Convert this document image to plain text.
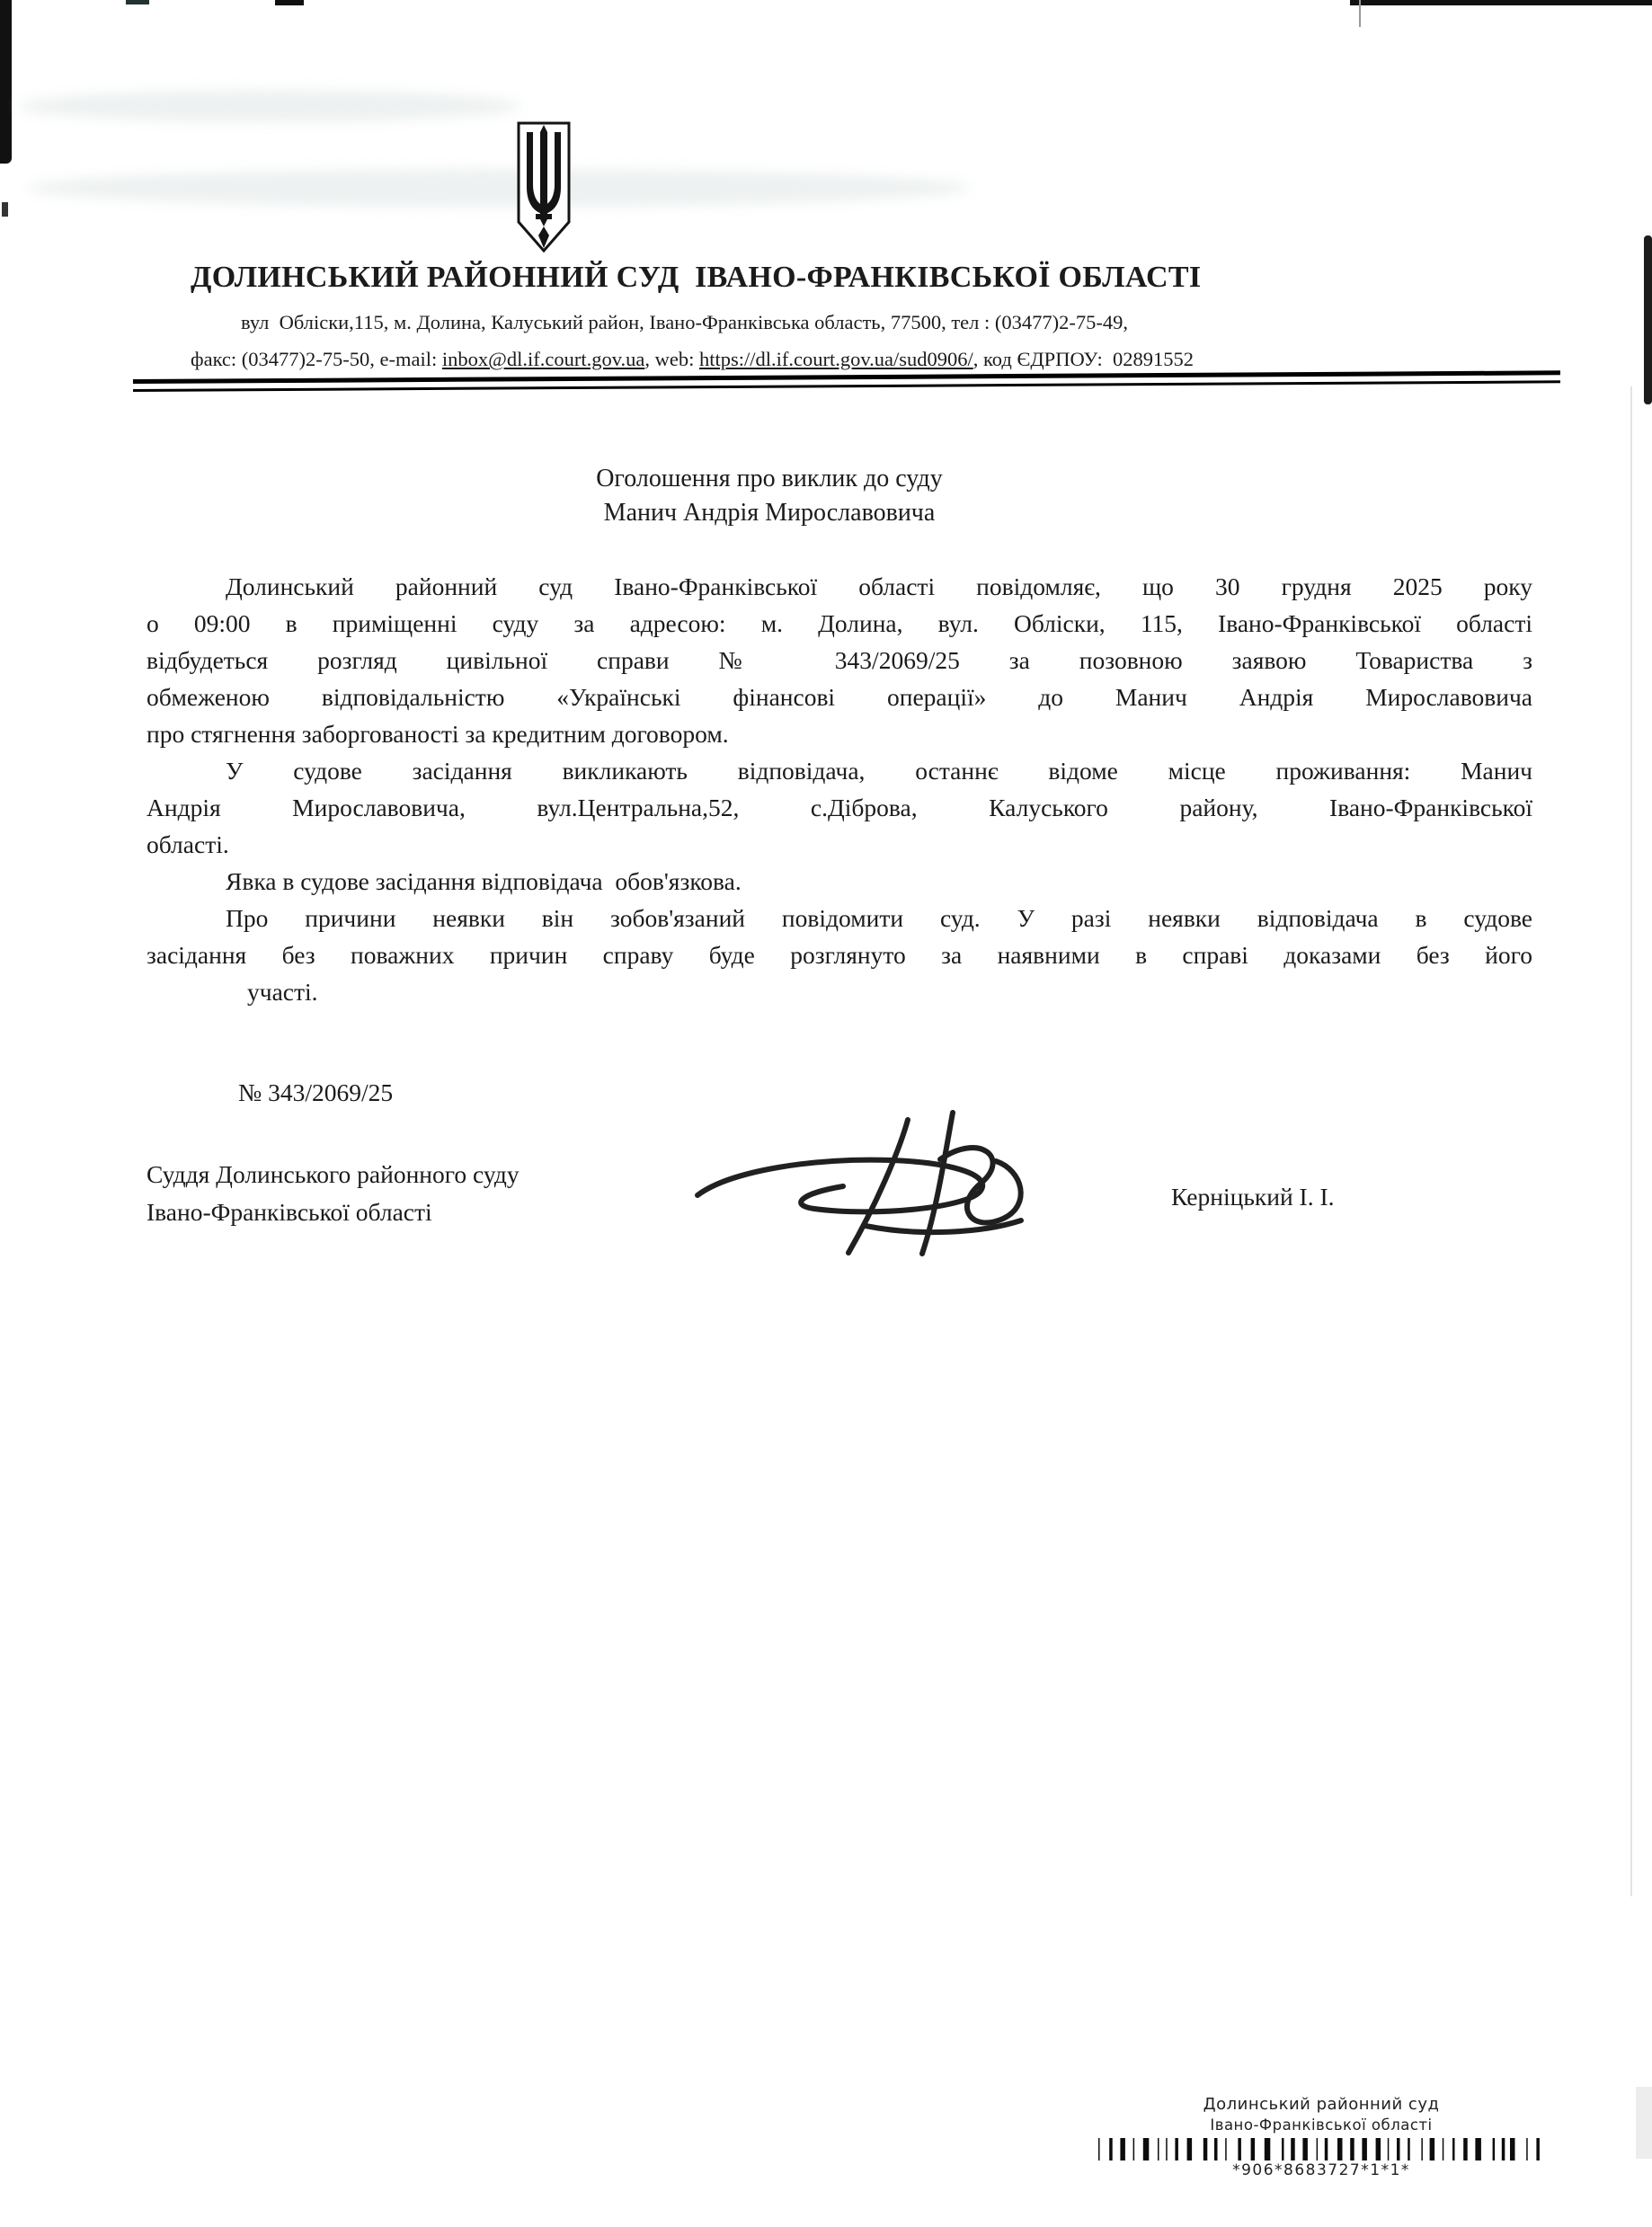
ДОЛИНСЬКИЙ РАЙОННИЙ СУД  ІВАНО-ФРАНКІВСЬКОЇ ОБЛАСТІ
вул  Обліски,115, м. Долина, Калуський район, Івано-Франківська область, 77500, тел : (03477)2-75-49,
факс: (03477)2-75-50, e-mail: inbox@dl.if.court.gov.ua, web: https://dl.if.court.gov.ua/sud0906/, код ЄДРПОУ:  02891552
Оголошення про виклик до суду
Манич Андрія Мирославовича
Долинський районний суд Івано-Франківської області повідомляє, що 30 грудня 2025 року
о 09:00 в приміщенні суду за адресою: м. Долина, вул. Обліски, 115, Івано-Франківської області
відбудеться розгляд цивільної справи № 343/2069/25 за позовною заявою Товариства з
обмеженою відповідальністю «Українські фінансові операції» до Манич Андрія Мирославовича
про стягнення заборгованості за кредитним договором.
У судове засідання викликають відповідача, останнє відоме місце проживання: Манич
Андрія Мирославовича, вул.Центральна,52, с.Діброва, Калуського району, Івано-Франківської
області.
Явка в судове засідання відповідача  обов'язкова.
Про причини неявки він зобов'язаний повідомити суд. У разі неявки відповідача в судове
засідання без поважних причин справу буде розглянуто за наявними в справі доказами без його
участі.
№ 343/2069/25
Суддя Долинського районного суду
Івано-Франківської області
Керніцький І. І.
Долинський районний суд
Івано-Франківської області
*906*8683727*1*1*
